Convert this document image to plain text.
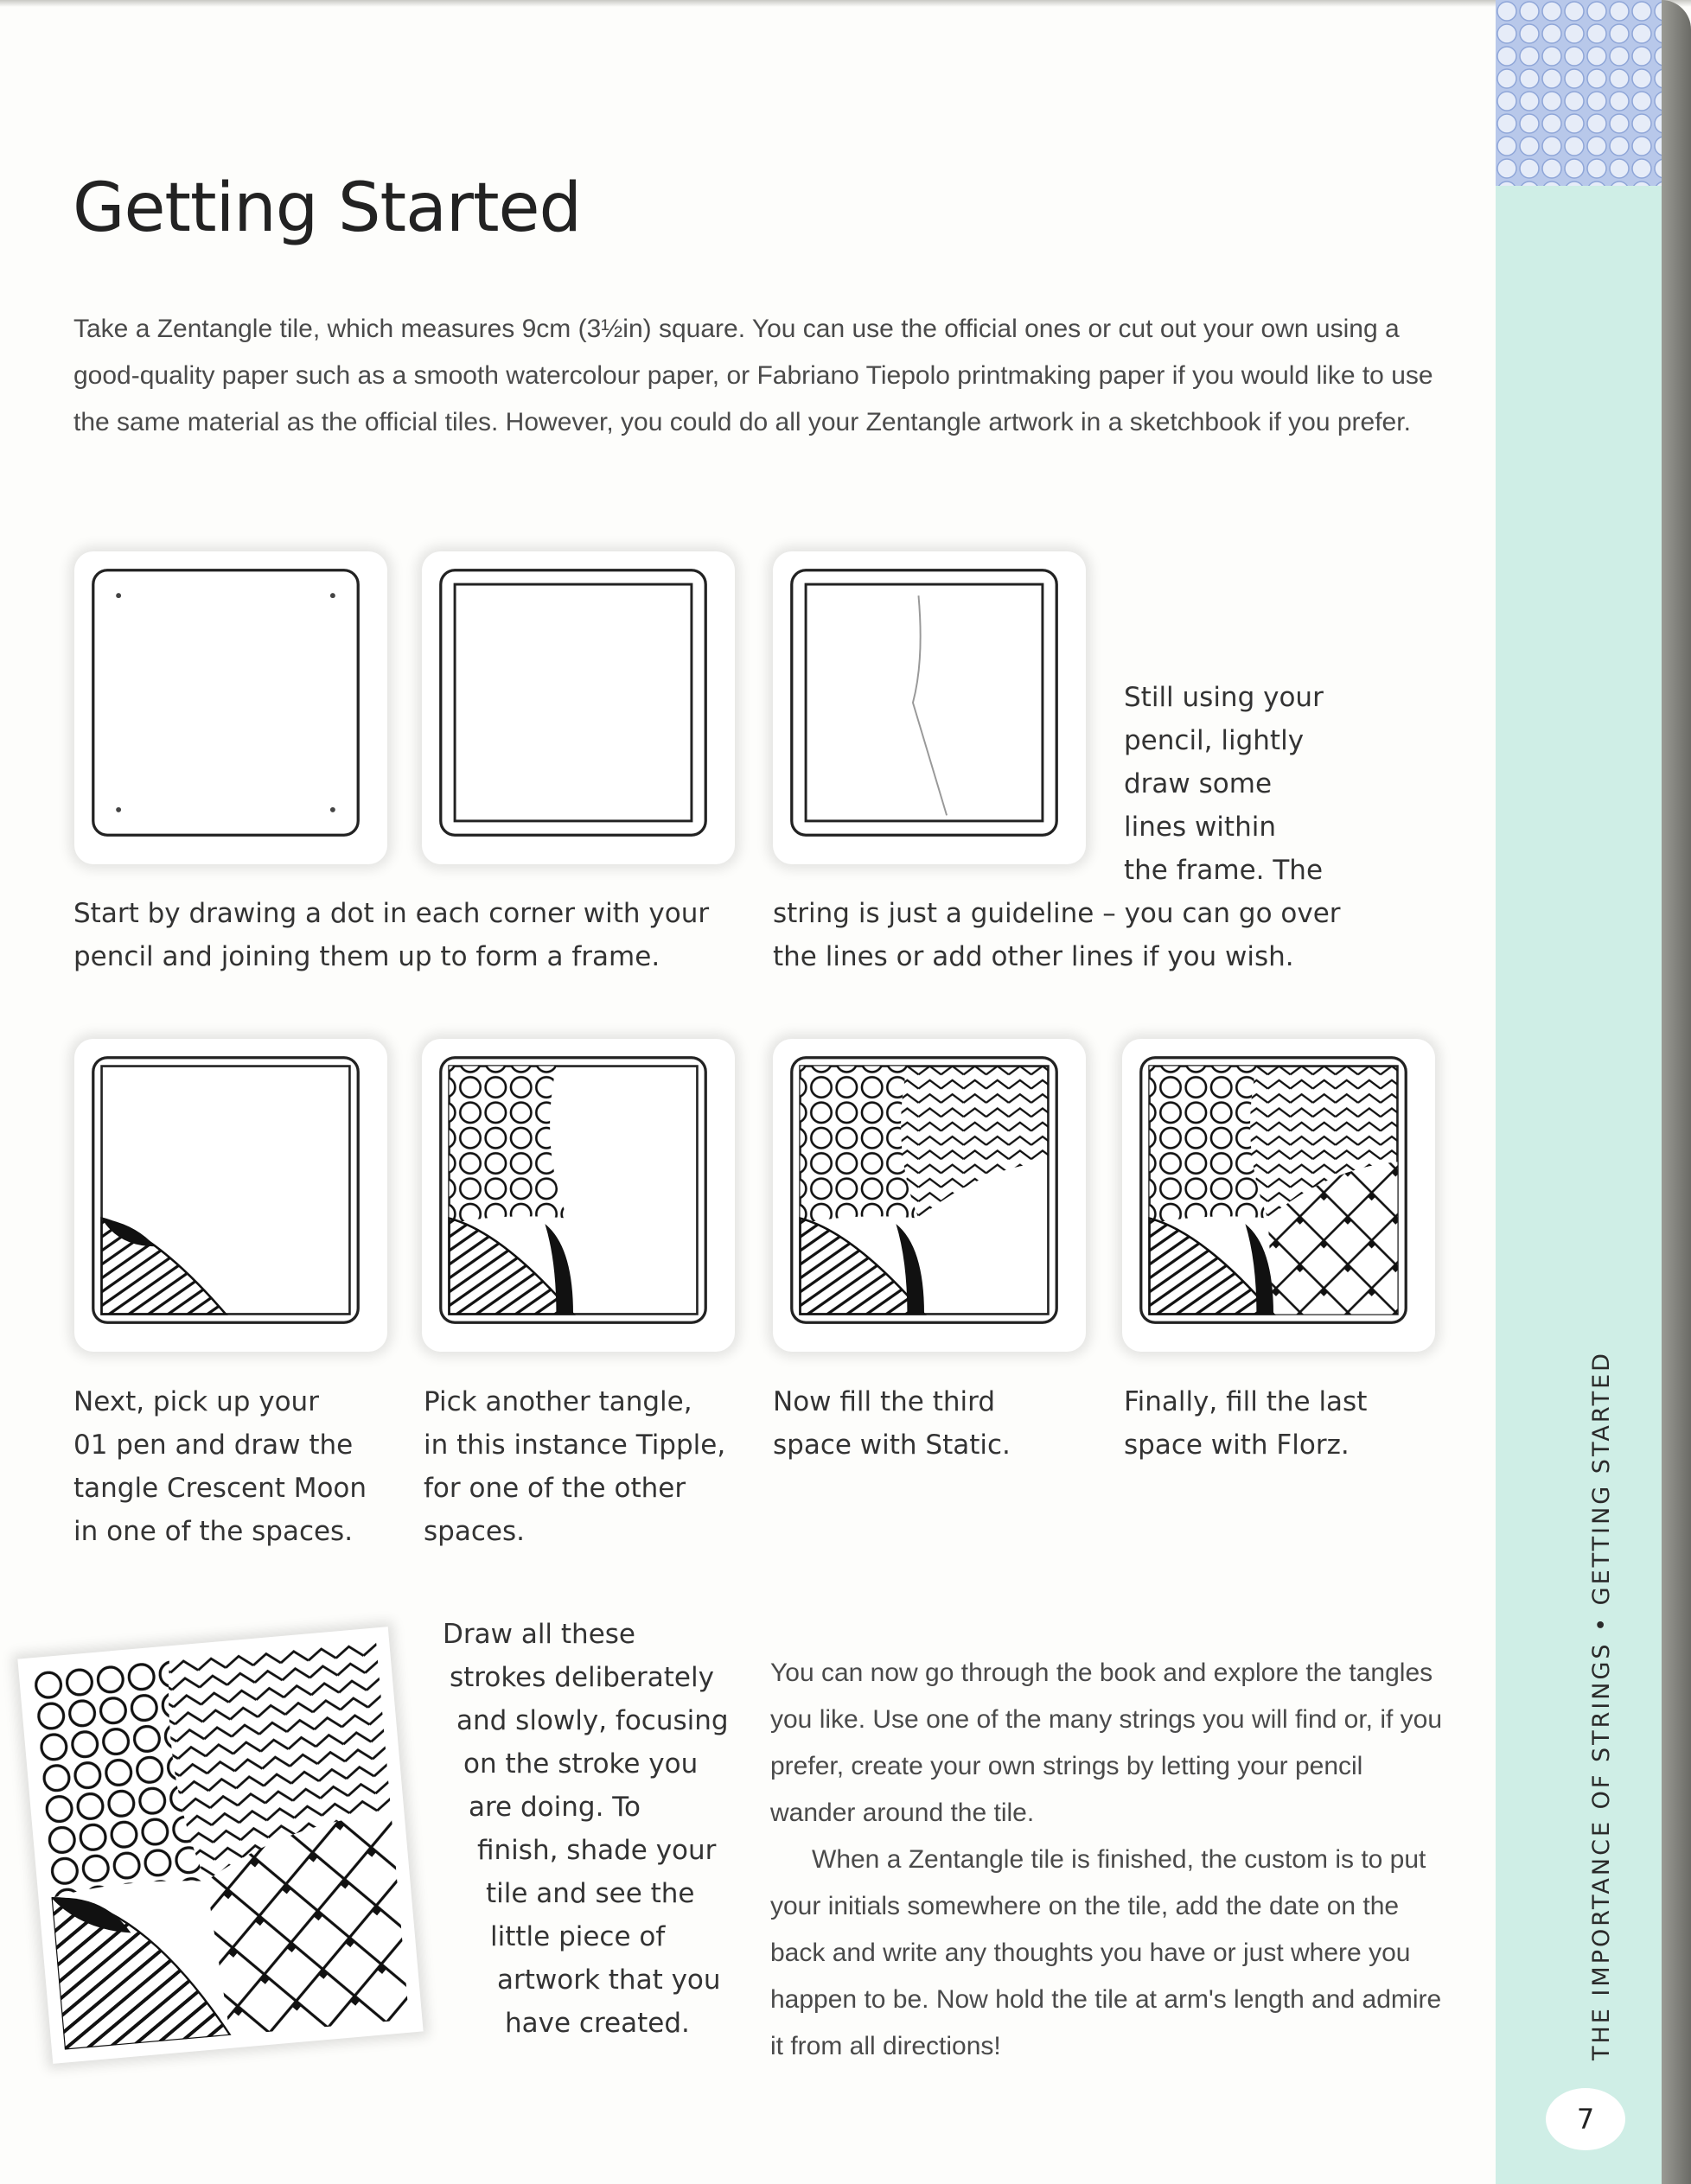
Getting Started
Take a Zentangle tile, which measures 9cm (3½in) square. You can use the official ones or cut out your own using a good-quality paper such as a smooth watercolour paper, or Fabriano Tiepolo printmaking paper if you would like to use the same material as the official tiles. However, you could do all your Zentangle artwork in a sketchbook if you prefer.
Still using your
pencil, lightly
draw some
lines within
the frame. The
Start by drawing a dot in each corner with your
pencil and joining them up to form a frame.
string is just a guideline – you can go over
the lines or add other lines if you wish.
Next, pick up your
01 pen and draw the
tangle Crescent Moon
in one of the spaces.
Pick another tangle,
in this instance Tipple,
for one of the other
spaces.
Now fill the third
space with Static.
Finally, fill the last
space with Florz.
Draw all these
strokes deliberately
and slowly, focusing
on the stroke you
are doing. To
finish, shade your
tile and see the
little piece of
artwork that you
have created.

You can now go through the book and explore the tangles you like. Use one of the many strings you will find or, if you prefer, create your own strings by letting your pencil wander around the tile.

When a Zentangle tile is finished, the custom is to put your initials somewhere on the tile, add the date on the back and write any thoughts you have or just where you happen to be. Now hold the tile at arm's length and admire it from all directions!	THE IMPORTANCE OF STRINGS • GETTING STARTED
7
